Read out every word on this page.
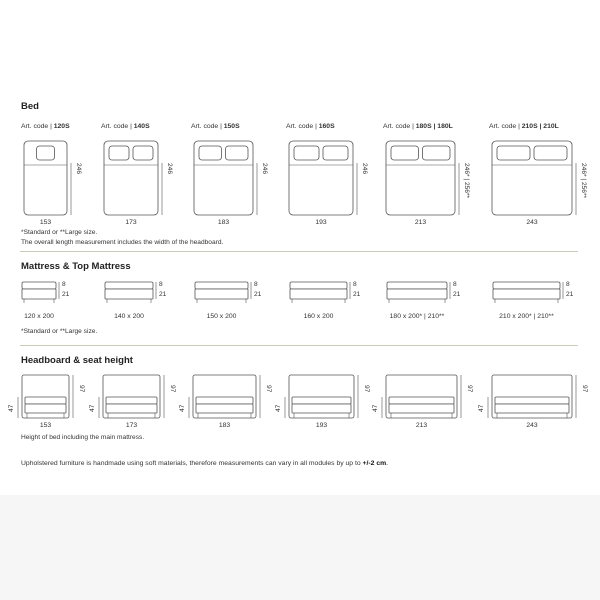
Bed
Mattress & Top Mattress
Headboard & seat height
*Standard or **Large size.
The overall length measurement includes the width of the headboard.
*Standard or **Large size.
Height of bed including the main mattress.
Upholstered furniture is handmade using soft materials, therefore measurements can vary in all modules by up to +/-2 cm.
Art. code | 120S
153
246
Art. code | 140S
173
246
Art. code | 150S
183
246
Art. code | 160S
193
246
Art. code | 180S | 180L
213
246* | 256**
Art. code | 210S | 210L
243
246* | 256**
8
21
120 x 200
8
21
140 x 200
8
21
150 x 200
8
21
160 x 200
8
21
180 x 200* | 210**
8
21
210 x 200* | 210**
97
47
153
97
47
173
97
47
183
97
47
193
97
47
213
97
47
243
